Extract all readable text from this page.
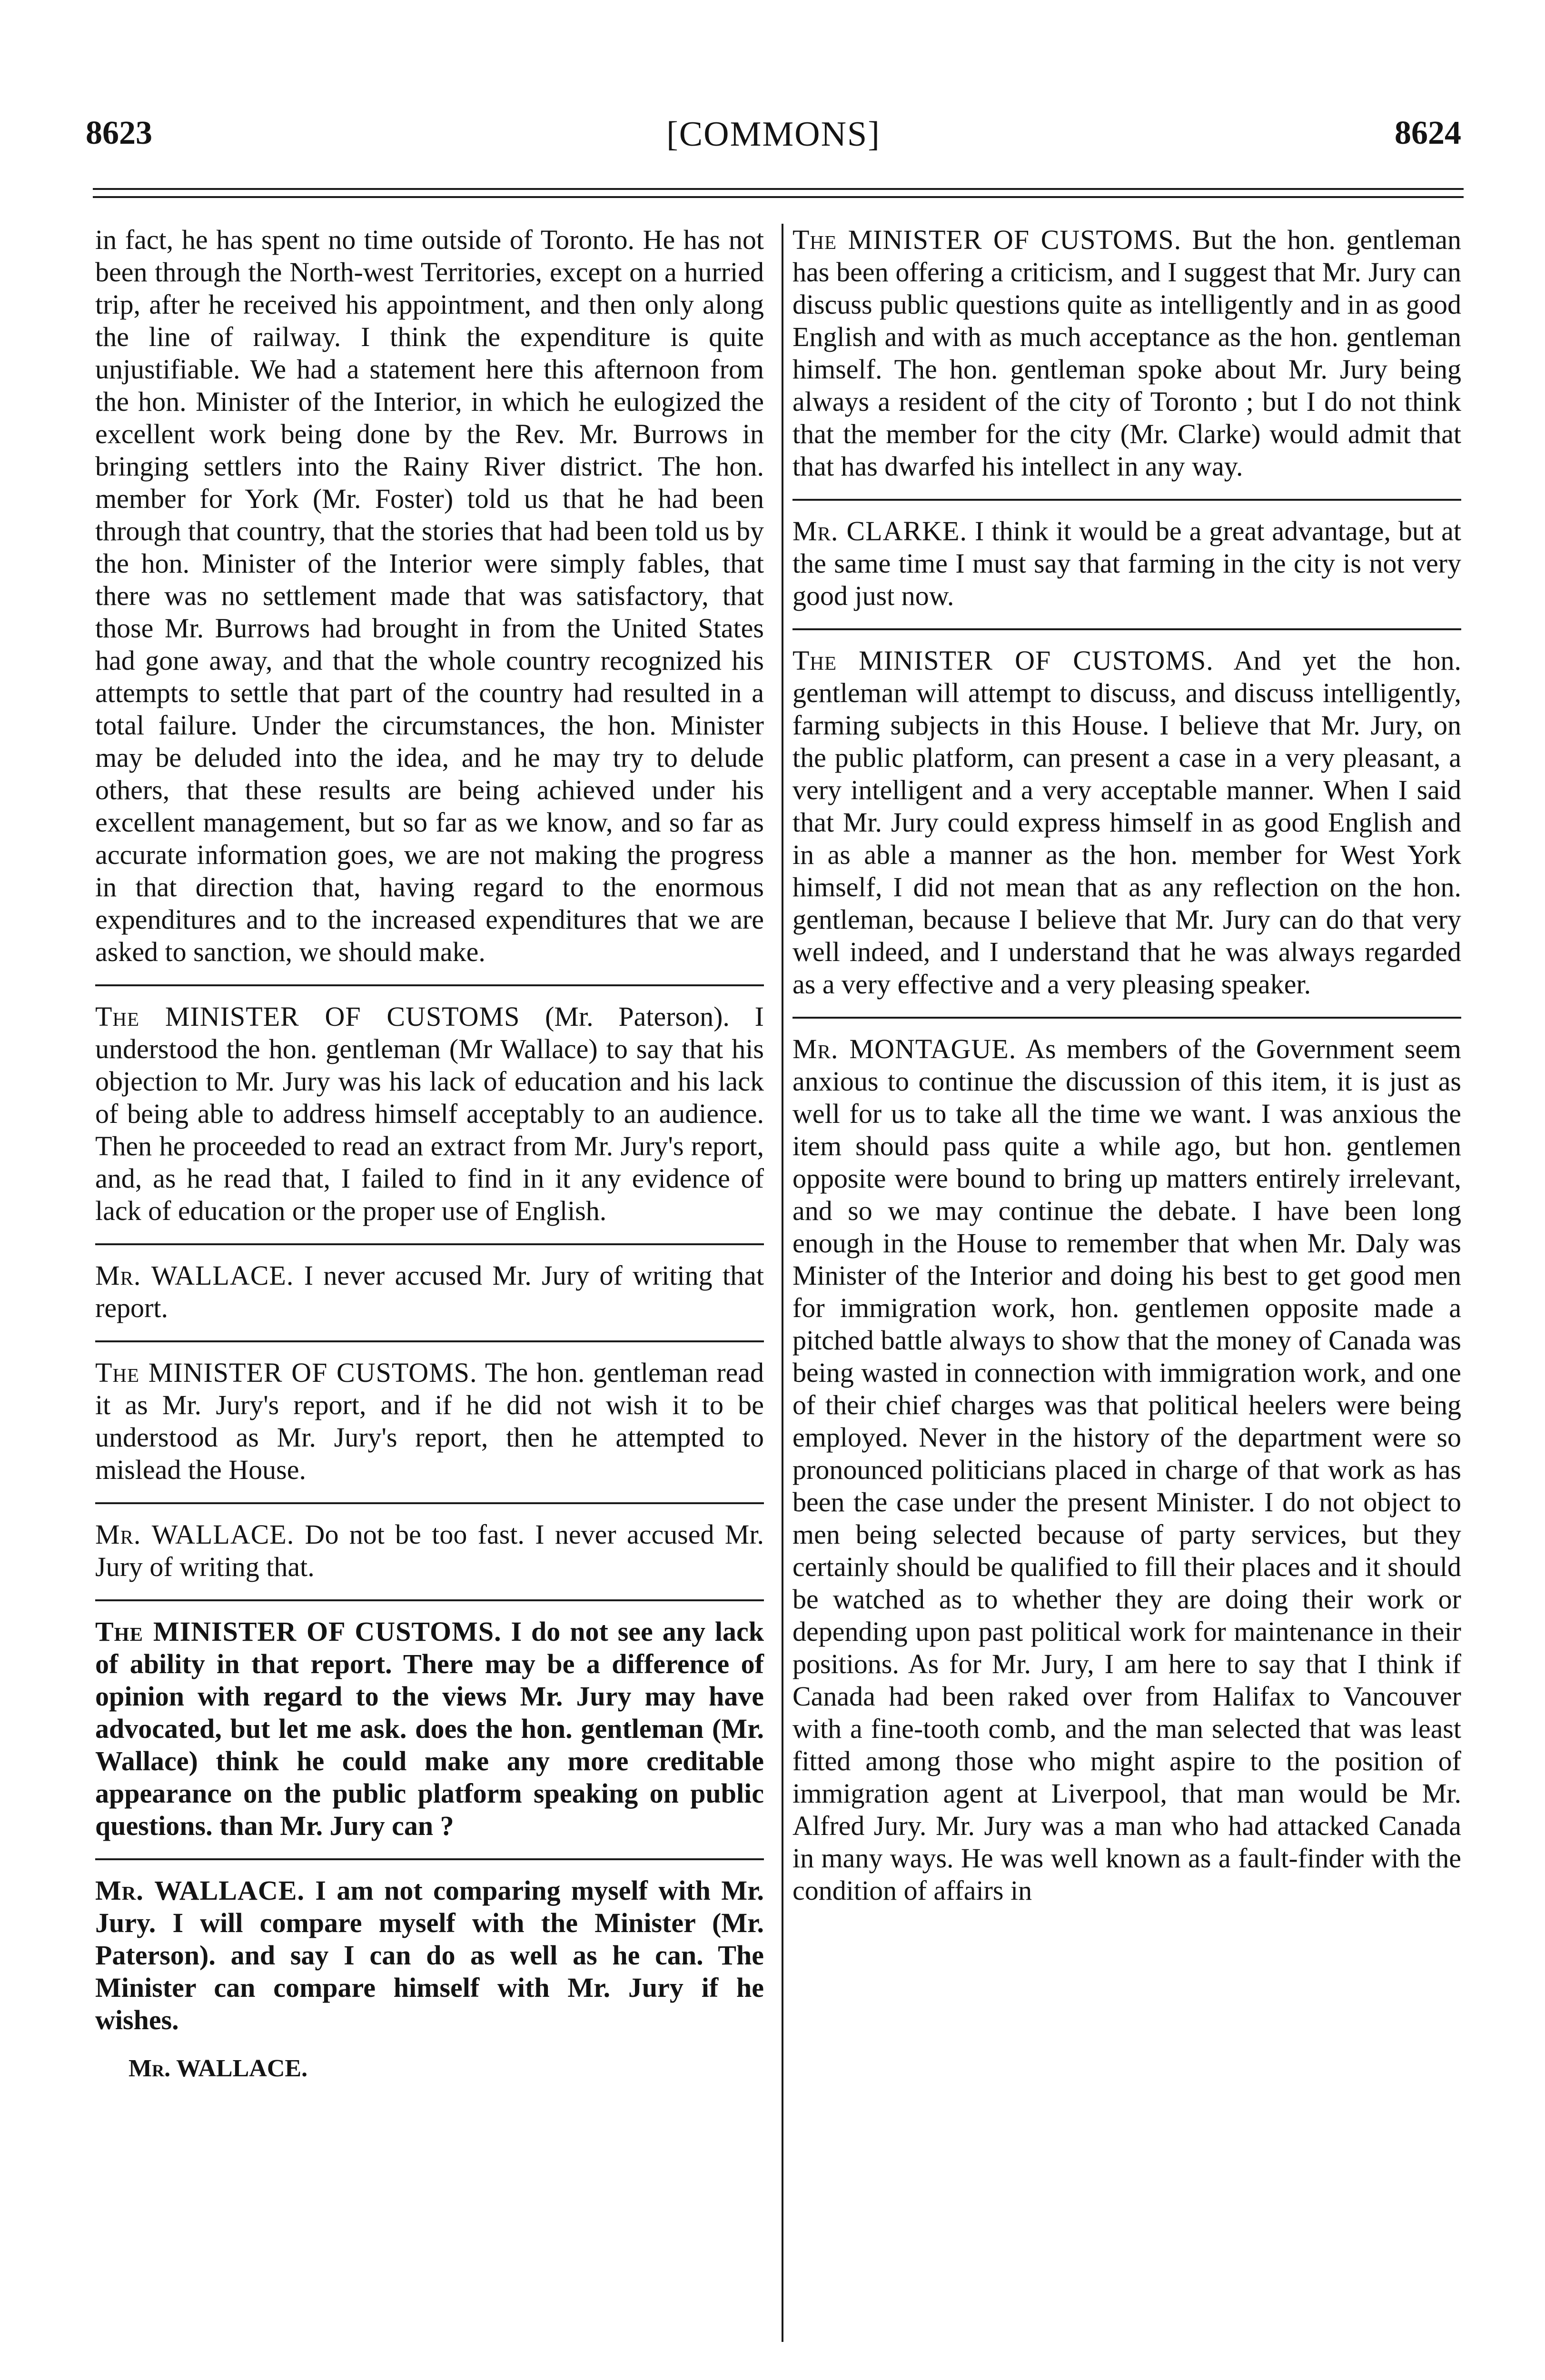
8623	[COMMONS]	8624

in fact, he has spent no time outside of Toronto. He has not been through the North-west Territories, except on a hurried trip, after he received his appointment, and then only along the line of railway. I think the expenditure is quite unjustifiable. We had a statement here this afternoon from the hon. Minister of the Interior, in which he eulogized the excellent work being done by the Rev. Mr. Burrows in bringing settlers into the Rainy River district. The hon. member for York (Mr. Foster) told us that he had been through that country, that the stories that had been told us by the hon. Minister of the Interior were simply fables, that there was no settlement made that was satisfactory, that those Mr. Burrows had brought in from the United States had gone away, and that the whole country recognized his attempts to settle that part of the country had resulted in a total failure. Under the circumstances, the hon. Minister may be deluded into the idea, and he may try to delude others, that these results are being achieved under his excellent management, but so far as we know, and so far as accurate information goes, we are not making the progress in that direction that, having regard to the enormous expenditures and to the increased expenditures that we are asked to sanction, we should make.

The MINISTER OF CUSTOMS (Mr. Paterson). I understood the hon. gentleman (Mr Wallace) to say that his objection to Mr. Jury was his lack of education and his lack of being able to address himself acceptably to an audience. Then he proceeded to read an extract from Mr. Jury's report, and, as he read that, I failed to find in it any evidence of lack of education or the proper use of English.

Mr. WALLACE. I never accused Mr. Jury of writing that report.

The MINISTER OF CUSTOMS. The hon. gentleman read it as Mr. Jury's report, and if he did not wish it to be understood as Mr. Jury's report, then he attempted to mislead the House.

Mr. WALLACE. Do not be too fast. I never accused Mr. Jury of writing that.

The MINISTER OF CUSTOMS. I do not see any lack of ability in that report. There may be a difference of opinion with regard to the views Mr. Jury may have advocated, but let me ask. does the hon. gentleman (Mr. Wallace) think he could make any more creditable appearance on the public platform speaking on public questions. than Mr. Jury can ?

Mr. WALLACE. I am not comparing myself with Mr. Jury. I will compare myself with the Minister (Mr. Paterson). and say I can do as well as he can. The Minister can compare himself with Mr. Jury if he wishes.

Mr. WALLACE.

The MINISTER OF CUSTOMS. But the hon. gentleman has been offering a criticism, and I suggest that Mr. Jury can discuss public questions quite as intelligently and in as good English and with as much acceptance as the hon. gentleman himself. The hon. gentleman spoke about Mr. Jury being always a resident of the city of Toronto ; but I do not think that the member for the city (Mr. Clarke) would admit that that has dwarfed his intellect in any way.

Mr. CLARKE. I think it would be a great advantage, but at the same time I must say that farming in the city is not very good just now.

The MINISTER OF CUSTOMS. And yet the hon. gentleman will attempt to discuss, and discuss intelligently, farming subjects in this House. I believe that Mr. Jury, on the public platform, can present a case in a very pleasant, a very intelligent and a very acceptable manner. When I said that Mr. Jury could express himself in as good English and in as able a manner as the hon. member for West York himself, I did not mean that as any reflection on the hon. gentleman, because I believe that Mr. Jury can do that very well indeed, and I understand that he was always regarded as a very effective and a very pleasing speaker.

Mr. MONTAGUE. As members of the Government seem anxious to continue the discussion of this item, it is just as well for us to take all the time we want. I was anxious the item should pass quite a while ago, but hon. gentlemen opposite were bound to bring up matters entirely irrelevant, and so we may continue the debate. I have been long enough in the House to remember that when Mr. Daly was Minister of the Interior and doing his best to get good men for immigration work, hon. gentlemen opposite made a pitched battle always to show that the money of Canada was being wasted in connection with immigration work, and one of their chief charges was that political heelers were being employed. Never in the history of the department were so pronounced politicians placed in charge of that work as has been the case under the present Minister. I do not object to men being selected because of party services, but they certainly should be qualified to fill their places and it should be watched as to whether they are doing their work or depending upon past political work for maintenance in their positions. As for Mr. Jury, I am here to say that I think if Canada had been raked over from Halifax to Vancouver with a fine-tooth comb, and the man selected that was least fitted among those who might aspire to the position of immigration agent at Liverpool, that man would be Mr. Alfred Jury. Mr. Jury was a man who had attacked Canada in many ways. He was well known as a fault-finder with the condition of affairs in
